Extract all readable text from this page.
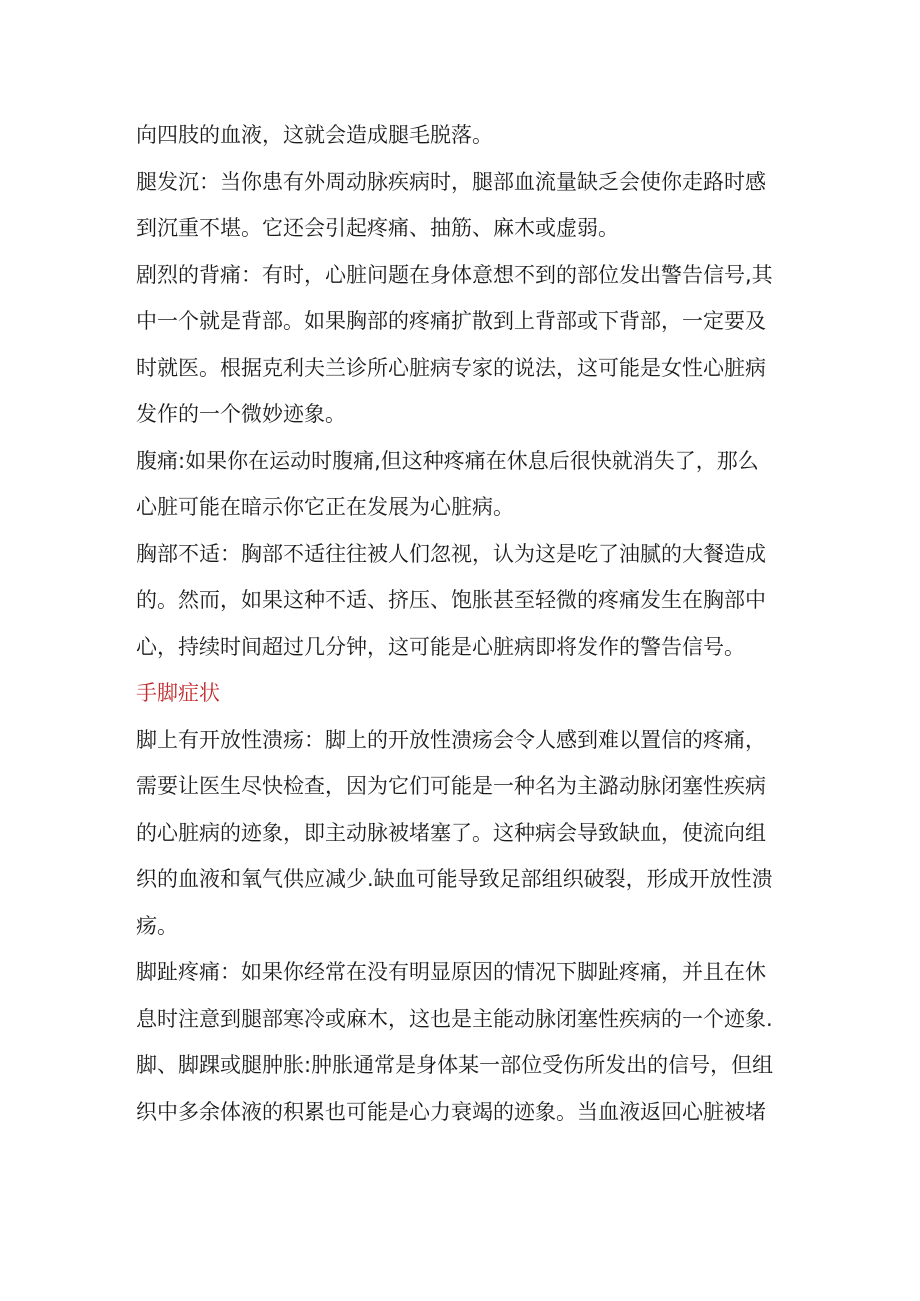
向四肢的血液，这就会造成腿毛脱落。
腿发沉：当你患有外周动脉疾病时，腿部血流量缺乏会使你走路时感
到沉重不堪。它还会引起疼痛、抽筋、麻木或虚弱。
剧烈的背痛：有时，心脏问题在身体意想不到的部位发出警告信号,其
中一个就是背部。如果胸部的疼痛扩散到上背部或下背部，一定要及
时就医。根据克利夫兰诊所心脏病专家的说法，这可能是女性心脏病
发作的一个微妙迹象。
腹痛:如果你在运动时腹痛,但这种疼痛在休息后很快就消失了，那么
心脏可能在暗示你它正在发展为心脏病。
胸部不适：胸部不适往往被人们忽视，认为这是吃了油腻的大餐造成
的。然而，如果这种不适、挤压、饱胀甚至轻微的疼痛发生在胸部中
心，持续时间超过几分钟，这可能是心脏病即将发作的警告信号。
手脚症状
脚上有开放性溃疡：脚上的开放性溃疡会令人感到难以置信的疼痛，
需要让医生尽快检查，因为它们可能是一种名为主潞动脉闭塞性疾病
的心脏病的迹象，即主动脉被堵塞了。这种病会导致缺血，使流向组
织的血液和氧气供应减少.缺血可能导致足部组织破裂，形成开放性溃
疡。
脚趾疼痛：如果你经常在没有明显原因的情况下脚趾疼痛，并且在休
息时注意到腿部寒冷或麻木，这也是主能动脉闭塞性疾病的一个迹象.
脚、脚踝或腿肿胀:肿胀通常是身体某一部位受伤所发出的信号，但组
织中多余体液的积累也可能是心力衰竭的迹象。当血液返回心脏被堵
